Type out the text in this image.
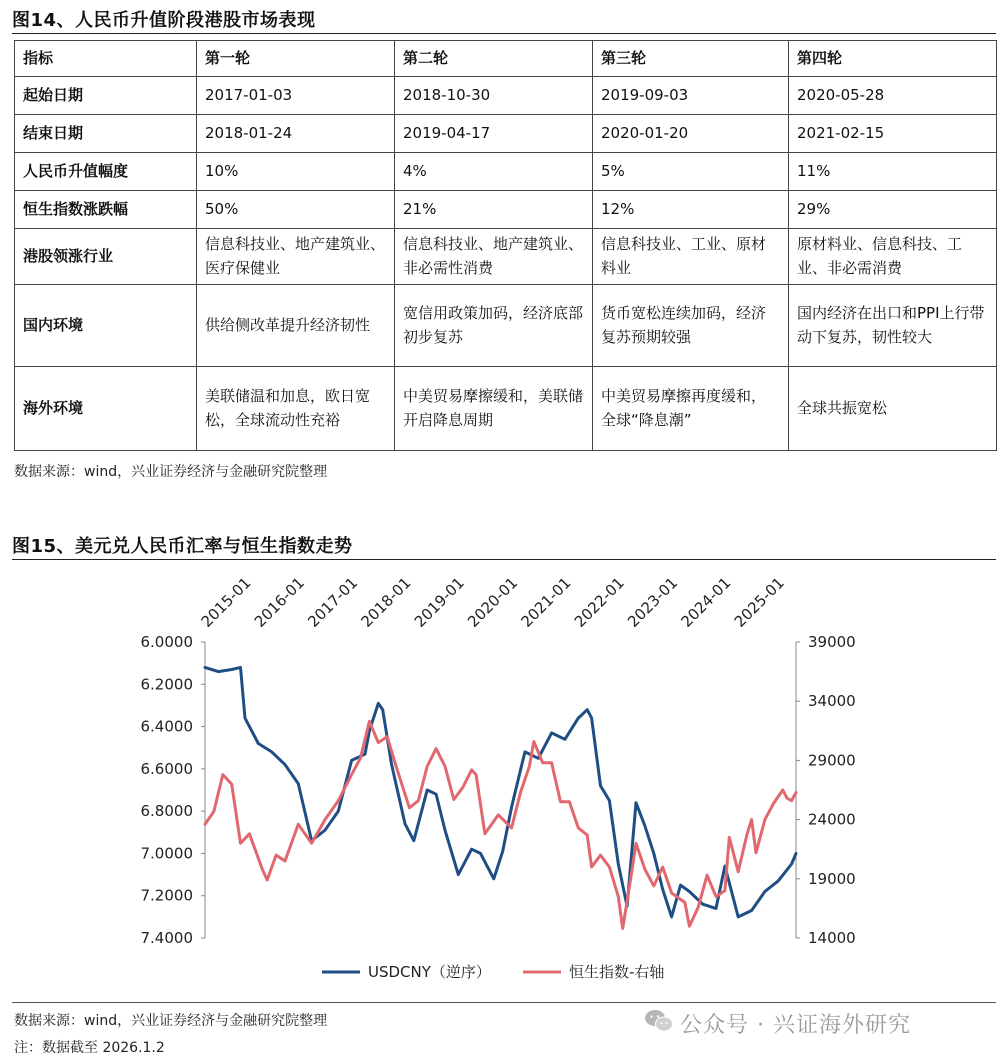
图14、人民币升值阶段港股市场表现
指标	第一轮	第二轮	第三轮	第四轮
起始日期	2017-01-03	2018-10-30	2019-09-03	2020-05-28
结束日期	2018-01-24	2019-04-17	2020-01-20	2021-02-15
人民币升值幅度	10%	4%	5%	11%
恒生指数涨跌幅	50%	21%	12%	29%
港股领涨行业	信息科技业、地产建筑业、医疗保健业	信息科技业、地产建筑业、非必需性消费	信息科技业、工业、原材料业	原材料业、信息科技、工业、非必需消费
国内环境	供给侧改革提升经济韧性	宽信用政策加码，经济底部初步复苏	货币宽松连续加码，经济复苏预期较强	国内经济在出口和PPI上行带动下复苏，韧性较大
海外环境	美联储温和加息，欧日宽松，全球流动性充裕	中美贸易摩擦缓和，美联储开启降息周期	中美贸易摩擦再度缓和，全球“降息潮”	全球共振宽松
数据来源：wind，兴业证券经济与金融研究院整理
图15、美元兑人民币汇率与恒生指数走势
6.0000
6.2000
6.4000
6.6000
6.8000
7.0000
7.2000
7.4000
39000
34000
29000
24000
19000
14000
2015-01
2016-01
2017-01
2018-01
2019-01
2020-01
2021-01
2022-01
2023-01
2024-01
2025-01
USDCNY（逆序）	恒生指数-右轴
数据来源：wind，兴业证券经济与金融研究院整理
注：数据截至 2026.1.2
公众号 · 兴证海外研究
